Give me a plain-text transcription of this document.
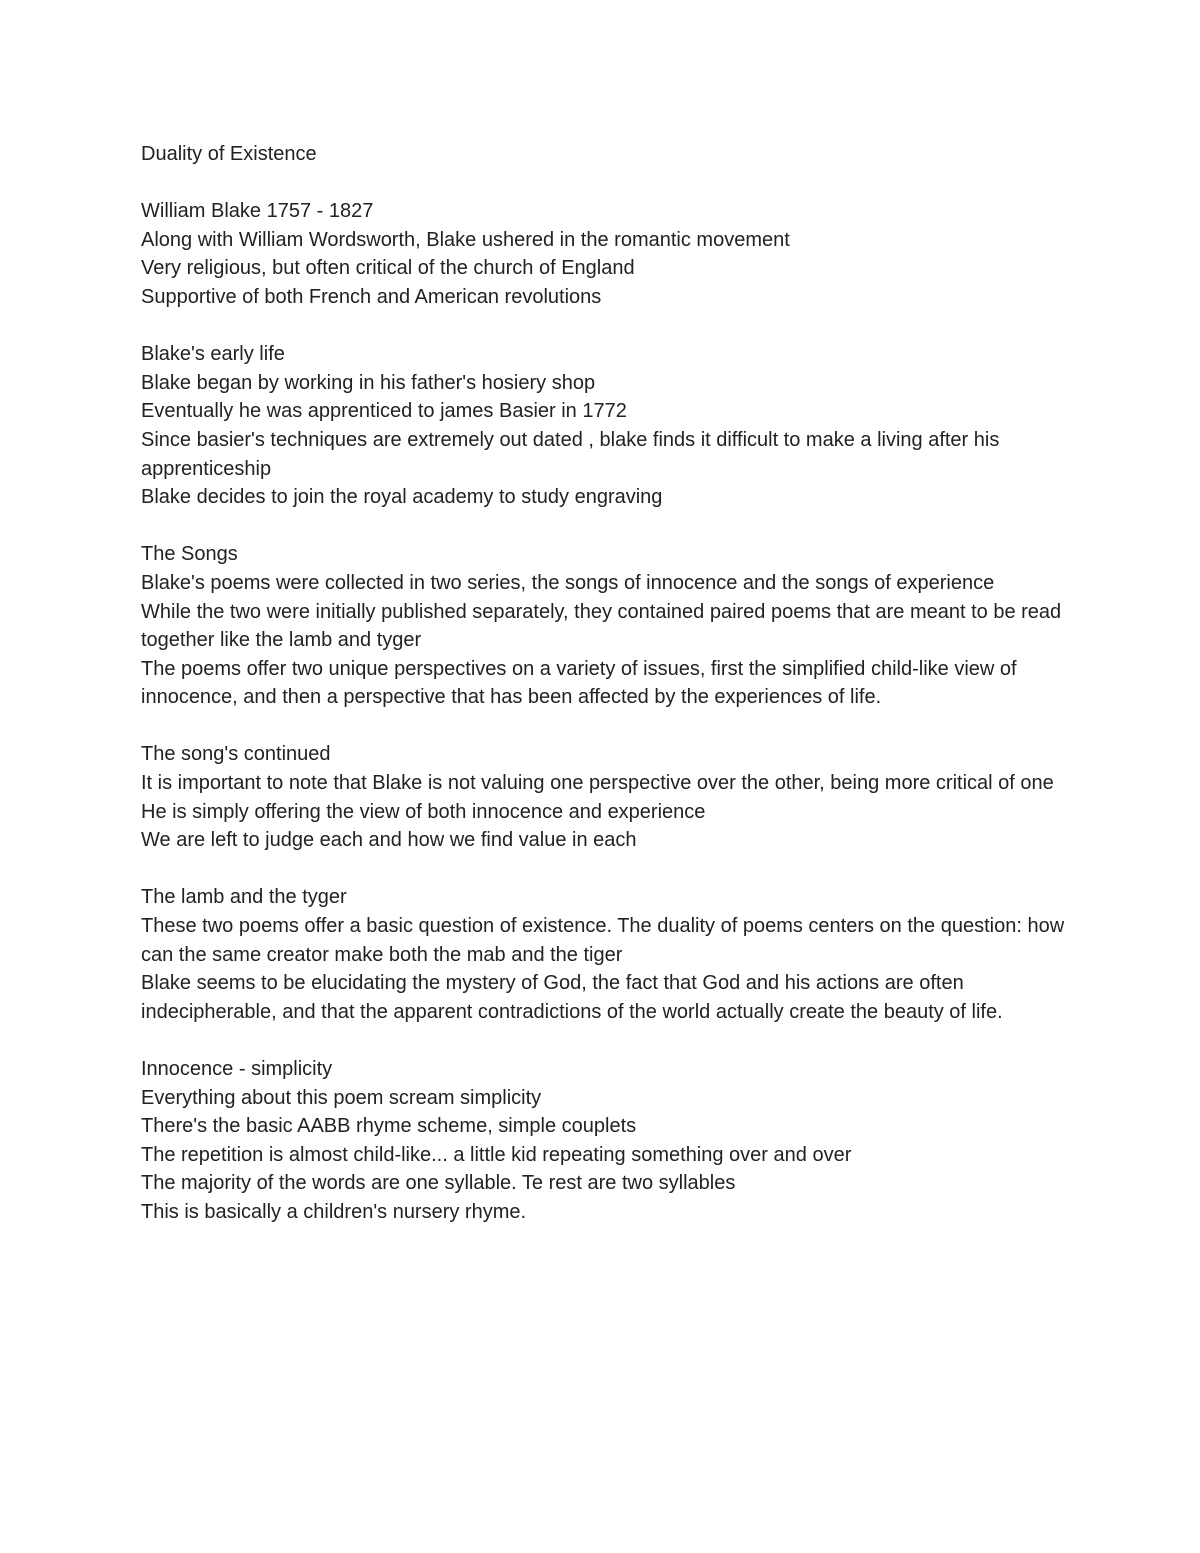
Duality of Existence

William Blake 1757 - 1827

Along with William Wordsworth, Blake ushered in the romantic movement

Very religious, but often critical of the church of England

Supportive of both French and American revolutions

Blake's early life

Blake began by working in his father's hosiery shop

Eventually he was apprenticed to james Basier in 1772

Since basier's techniques are extremely out dated , blake finds it difficult to make a living after his apprenticeship

Blake decides to join the royal academy to study engraving

The Songs

Blake's poems were collected in two series, the songs of innocence and the songs of experience

While the two were initially published separately, they contained paired poems that are meant to be read together like the lamb and tyger

The poems offer two unique perspectives on a variety of issues, first the simplified child-like view of innocence, and then a perspective that has been affected by the experiences of life.

The song's continued

It is important to note that Blake is not valuing one perspective over the other, being more critical of one

He is simply offering the view of both innocence and experience

We are left to judge each and how we find value in each

The lamb and the tyger

These two poems offer a basic question of existence. The duality of poems centers on the question: how can the same creator make both the mab and the tiger

Blake seems to be elucidating the mystery of God, the fact that God and his actions are often indecipherable, and that the apparent contradictions of the world actually create the beauty of life.

Innocence - simplicity

Everything about this poem scream simplicity

There's the basic AABB rhyme scheme, simple couplets

The repetition is almost child-like... a little kid repeating something over and over

The majority of the words are one syllable. Te rest are two syllables

This is basically a children's nursery rhyme.
